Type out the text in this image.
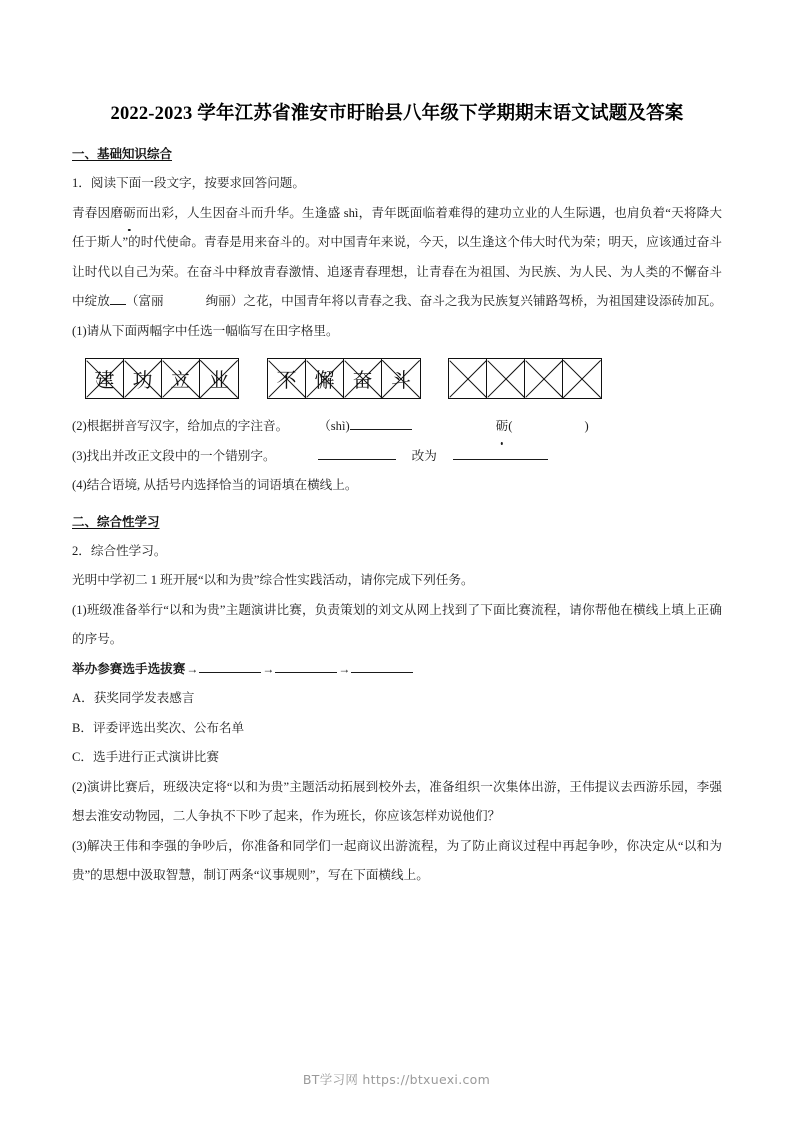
2022-2023 学年江苏省淮安市盱眙县八年级下学期期末语文试题及答案
一、基础知识综合

1．阅读下面一段文字，按要求回答问题。

青春因磨砺而出彩，人生因奋斗而升华。生逢盛 shì，青年既面临着难得的建功立业的人生际遇，也肩负着“天将降大任于斯人”的时代使命。青春是用来奋斗的。对中国青年来说，今天，以生逢这个伟大时代为荣；明天，应该通过奋斗让时代以自己为荣。在奋斗中释放青春激情、追逐青春理想，让青春在为祖国、为民族、为人民、为人类的不懈奋斗中绽放 （富丽	绚丽）之花，中国青年将以青春之我、奋斗之我为民族复兴铺路驾桥，为祖国建设添砖加瓦。

(1)请从下面两幅字中任选一幅临写在田字格里。

建 功 立 业	不 懈 奋 斗

(2)根据拼音写汉字，给加点的字注音。 （shì)	砺(	)

(3)找出并改正文段中的一个错别字。	改为

(4)结合语境, 从括号内选择恰当的词语填在横线上。

二、综合性学习

2．综合性学习。

光明中学初二 1 班开展“以和为贵”综合性实践活动，请你完成下列任务。

(1)班级准备举行“以和为贵”主题演讲比赛，负责策划的刘文从网上找到了下面比赛流程，请你帮他在横线上填上正确的序号。

举办参赛选手选拔赛→	→	→

A．获奖同学发表感言

B．评委评选出奖次、公布名单

C．选手进行正式演讲比赛

(2)演讲比赛后，班级决定将“以和为贵”主题活动拓展到校外去，准备组织一次集体出游，王伟提议去西游乐园，李强想去淮安动物园，二人争执不下吵了起来，作为班长，你应该怎样劝说他们？

(3)解决王伟和李强的争吵后，你准备和同学们一起商议出游流程，为了防止商议过程中再起争吵，你决定从“以和为贵”的思想中汲取智慧，制订两条“议事规则”，写在下面横线上。

BT学习网 https://btxuexi.com
